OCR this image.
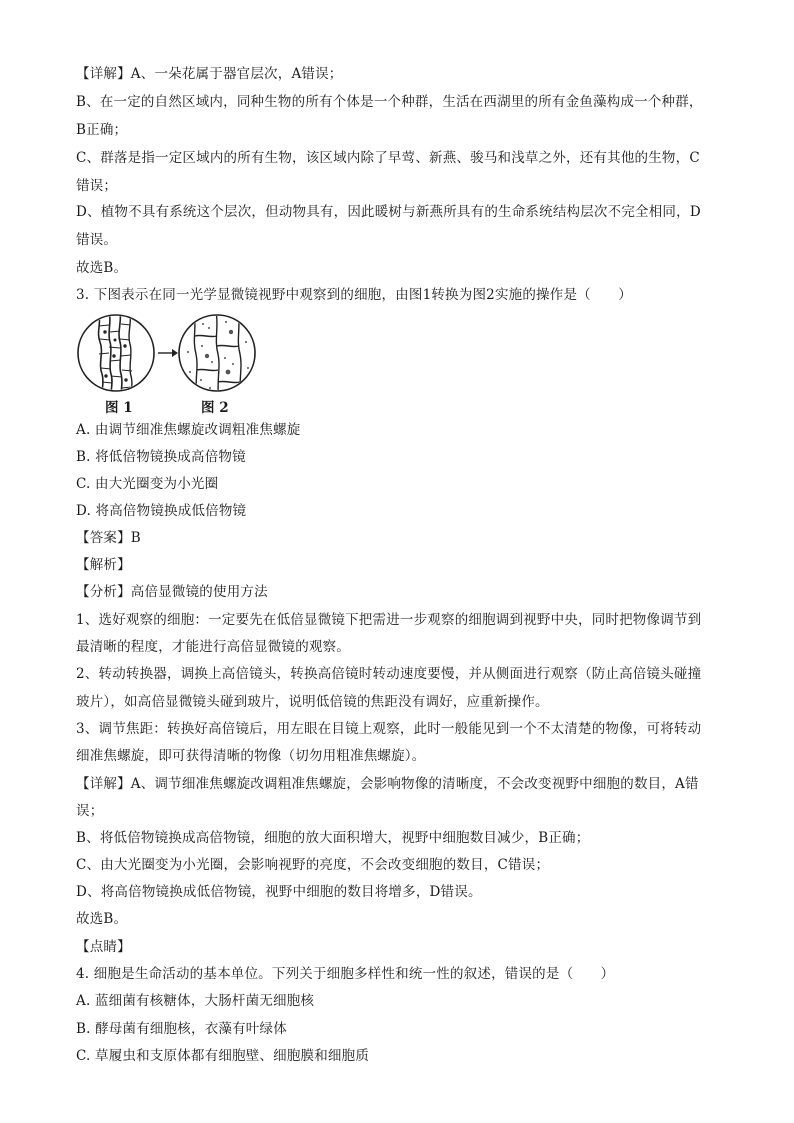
【详解】A、一朵花属于器官层次，A错误；
B、在一定的自然区域内，同种生物的所有个体是一个种群，生活在西湖里的所有金鱼藻构成一个种群，
B正确；
C、群落是指一定区域内的所有生物，该区域内除了早莺、新燕、骏马和浅草之外，还有其他的生物，C
错误；
D、植物不具有系统这个层次，但动物具有，因此暖树与新燕所具有的生命系统结构层次不完全相同，D
错误。
故选B。
3. 下图表示在同一光学显微镜视野中观察到的细胞，由图1转换为图2实施的操作是（　　）
图 1	图 2
A. 由调节细准焦螺旋改调粗准焦螺旋
B. 将低倍物镜换成高倍物镜
C. 由大光圈变为小光圈
D. 将高倍物镜换成低倍物镜
【答案】B
【解析】
【分析】高倍显微镜的使用方法
1、选好观察的细胞：一定要先在低倍显微镜下把需进一步观察的细胞调到视野中央，同时把物像调节到
最清晰的程度，才能进行高倍显微镜的观察。
2、转动转换器，调换上高倍镜头，转换高倍镜时转动速度要慢，并从侧面进行观察（防止高倍镜头碰撞
玻片），如高倍显微镜头碰到玻片，说明低倍镜的焦距没有调好，应重新操作。
3、调节焦距：转换好高倍镜后，用左眼在目镜上观察，此时一般能见到一个不太清楚的物像，可将转动
细准焦螺旋，即可获得清晰的物像（切勿用粗准焦螺旋）。
【详解】A、调节细准焦螺旋改调粗准焦螺旋，会影响物像的清晰度，不会改变视野中细胞的数目，A错
误；
B、将低倍物镜换成高倍物镜，细胞的放大面积增大，视野中细胞数目减少，B正确；
C、由大光圈变为小光圈，会影响视野的亮度，不会改变细胞的数目，C错误；
D、将高倍物镜换成低倍物镜，视野中细胞的数目将增多，D错误。
故选B。
【点睛】
4. 细胞是生命活动的基本单位。下列关于细胞多样性和统一性的叙述，错误的是（　　）
A. 蓝细菌有核糖体，大肠杆菌无细胞核
B. 酵母菌有细胞核，衣藻有叶绿体
C. 草履虫和支原体都有细胞壁、细胞膜和细胞质
